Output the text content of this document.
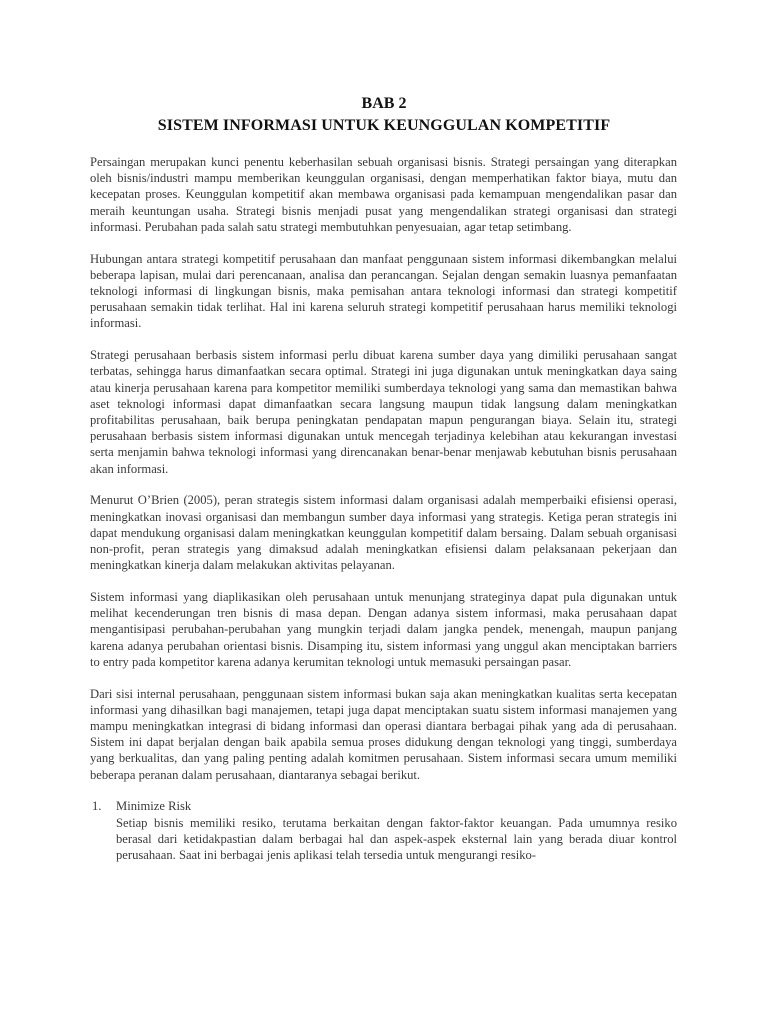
BAB 2
SISTEM INFORMASI UNTUK KEUNGGULAN KOMPETITIF

Persaingan merupakan kunci penentu keberhasilan sebuah organisasi bisnis. Strategi persaingan yang diterapkan oleh bisnis/industri mampu memberikan keunggulan organisasi, dengan memperhatikan faktor biaya, mutu dan kecepatan proses. Keunggulan kompetitif akan membawa organisasi pada kemampuan mengendalikan pasar dan meraih keuntungan usaha. Strategi bisnis menjadi pusat yang mengendalikan strategi organisasi dan strategi informasi. Perubahan pada salah satu strategi membutuhkan penyesuaian, agar tetap setimbang.

Hubungan antara strategi kompetitif perusahaan dan manfaat penggunaan sistem informasi dikembangkan melalui beberapa lapisan, mulai dari perencanaan, analisa dan perancangan. Sejalan dengan semakin luasnya pemanfaatan teknologi informasi di lingkungan bisnis, maka pemisahan antara teknologi informasi dan strategi kompetitif perusahaan semakin tidak terlihat. Hal ini karena seluruh strategi kompetitif perusahaan harus memiliki teknologi informasi.

Strategi perusahaan berbasis sistem informasi perlu dibuat karena sumber daya yang dimiliki perusahaan sangat terbatas, sehingga harus dimanfaatkan secara optimal. Strategi ini juga digunakan untuk meningkatkan daya saing atau kinerja perusahaan karena para kompetitor memiliki sumberdaya teknologi yang sama dan memastikan bahwa aset teknologi informasi dapat dimanfaatkan secara langsung maupun tidak langsung dalam meningkatkan profitabilitas perusahaan, baik berupa peningkatan pendapatan mapun pengurangan biaya. Selain itu, strategi perusahaan berbasis sistem informasi digunakan untuk mencegah terjadinya kelebihan atau kekurangan investasi serta menjamin bahwa teknologi informasi yang direncanakan benar-benar menjawab kebutuhan bisnis perusahaan akan informasi.

Menurut O’Brien (2005), peran strategis sistem informasi dalam organisasi adalah memperbaiki efisiensi operasi, meningkatkan inovasi organisasi dan membangun sumber daya informasi yang strategis. Ketiga peran strategis ini dapat mendukung organisasi dalam meningkatkan keunggulan kompetitif dalam bersaing. Dalam sebuah organisasi non-profit, peran strategis yang dimaksud adalah meningkatkan efisiensi dalam pelaksanaan pekerjaan dan meningkatkan kinerja dalam melakukan aktivitas pelayanan.

Sistem informasi yang diaplikasikan oleh perusahaan untuk menunjang strateginya dapat pula digunakan untuk melihat kecenderungan tren bisnis di masa depan. Dengan adanya sistem informasi, maka perusahaan dapat mengantisipasi perubahan-perubahan yang mungkin terjadi dalam jangka pendek, menengah, maupun panjang karena adanya perubahan orientasi bisnis. Disamping itu, sistem informasi yang unggul akan menciptakan barriers to entry pada kompetitor karena adanya kerumitan teknologi untuk memasuki persaingan pasar.

Dari sisi internal perusahaan, penggunaan sistem informasi bukan saja akan meningkatkan kualitas serta kecepatan informasi yang dihasilkan bagi manajemen, tetapi juga dapat menciptakan suatu sistem informasi manajemen yang mampu meningkatkan integrasi di bidang informasi dan operasi diantara berbagai pihak yang ada di perusahaan. Sistem ini dapat berjalan dengan baik apabila semua proses didukung dengan teknologi yang tinggi, sumberdaya yang berkualitas, dan yang paling penting adalah komitmen perusahaan. Sistem informasi secara umum memiliki beberapa peranan dalam perusahaan, diantaranya sebagai berikut.

1. Minimize Risk
Setiap bisnis memiliki resiko, terutama berkaitan dengan faktor-faktor keuangan. Pada umumnya resiko berasal dari ketidakpastian dalam berbagai hal dan aspek-aspek eksternal lain yang berada diuar kontrol perusahaan. Saat ini berbagai jenis aplikasi telah tersedia untuk mengurangi resiko-
